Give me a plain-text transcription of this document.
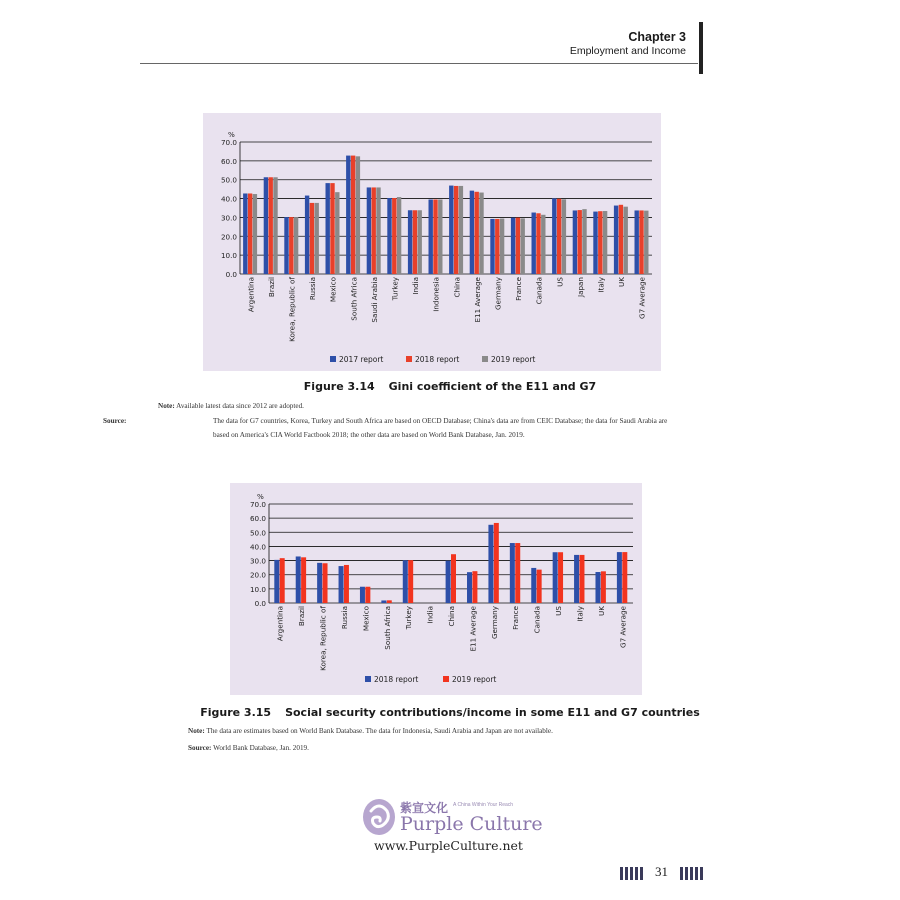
Chapter 3
Employment and Income
%
0.0
10.0
20.0
30.0
40.0
50.0
60.0
70.0
Argentina Brazil Korea, Republic of Russia Mexico South Africa Saudi Arabia Turkey India Indonesia China E11 Average Germany France Canada US Japan Italy UK G7 Average
2017 report	2018 report	2019 report
Figure 3.14 Gini coefficient of the E11 and G7
Note: Available latest data since 2012 are adopted.
Source:	The data for G7 countries, Korea, Turkey and South Africa are based on OECD Database; China's data are from CEIC Database; the data for Saudi Arabia are based on America's CIA World Factbook 2018; the other data are based on World Bank Database, Jan. 2019.
%
0.0
10.0
20.0
30.0
40.0
50.0
60.0
70.0
Argentina Brazil Korea, Republic of Russia Mexico South Africa Turkey India China E11 Average Germany France Canada US Italy UK G7 Average
2018 report	2019 report
Figure 3.15 Social security contributions/income in some E11 and G7 countries
Note: The data are estimates based on World Bank Database. The data for Indonesia, Saudi Arabia and Japan are not available.
Source: World Bank Database, Jan. 2019.
紫宣文化 A China Within Your Reach
Purple Culture
www.PurpleCulture.net
31
